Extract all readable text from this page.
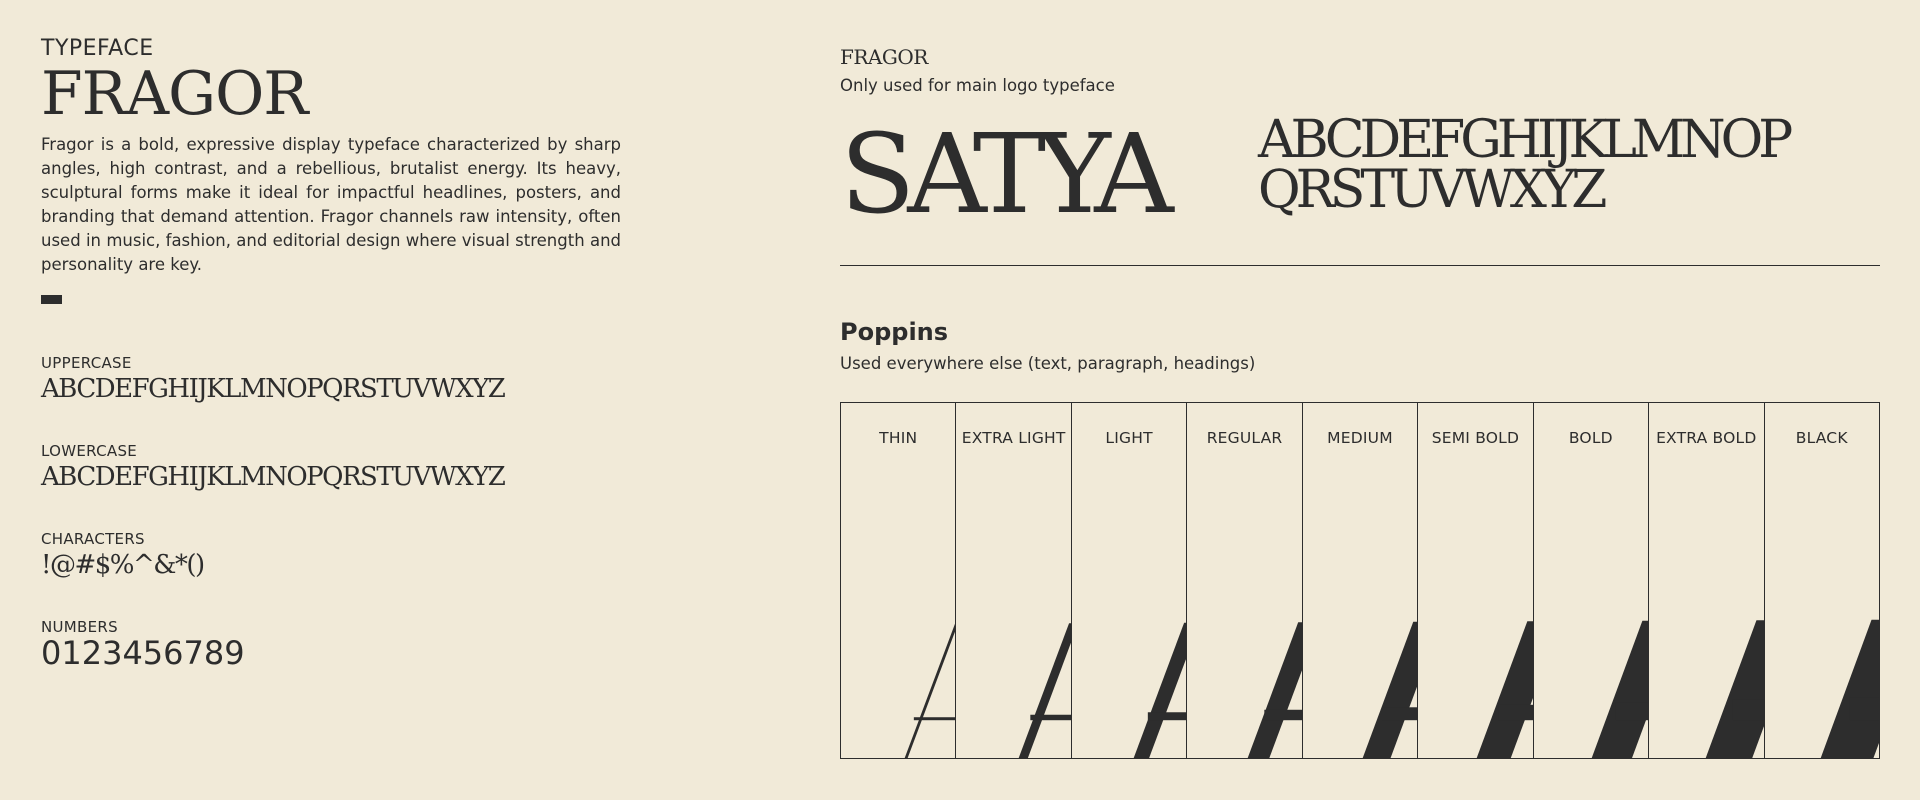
TYPEFACE

FRAGOR

Fragor is a bold, expressive display typeface characterized by sharp angles, high contrast, and a rebellious, brutalist energy. Its heavy, sculptural forms make it ideal for impactful headlines, posters, and branding that demand attention. Fragor channels raw intensity, often used in music, fashion, and editorial design where visual strength and personality are key.

UPPERCASE

ABCDEFGHIJKLMNOPQRSTUVWXYZ

LOWERCASE

ABCDEFGHIJKLMNOPQRSTUVWXYZ

CHARACTERS

!@#$%^&*()

NUMBERS

0123456789

FRAGOR

Only used for main logo typeface

SATYA ABCDEFGHIJKLMNOPQRSTUVWXYZ

Poppins

Used everywhere else (text, paragraph, headings)

THIN	EXTRA LIGHT	LIGHT	REGULAR	MEDIUM	SEMI BOLD	BOLD	EXTRA BOLD	BLACK
